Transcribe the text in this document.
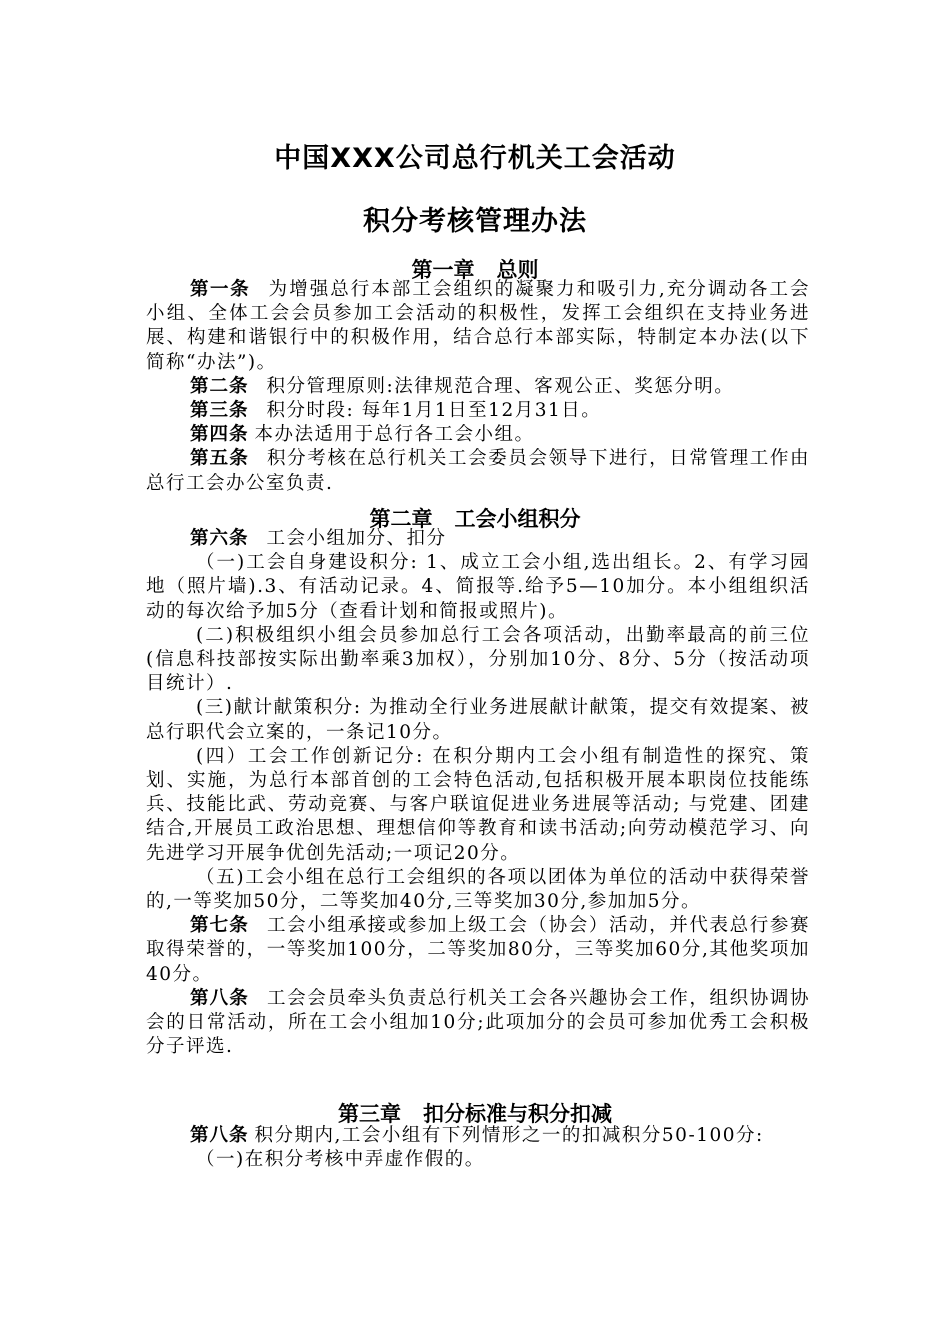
中国XXX公司总行机关工会活动
积分考核管理办法
第一章 总则

第一条 为增强总行本部工会组织的凝聚力和吸引力,充分调动各工会小组、全体工会会员参加工会活动的积极性，发挥工会组织在支持业务进展、构建和谐银行中的积极作用，结合总行本部实际，特制定本办法(以下简称“办法”)。

第二条 积分管理原则:法律规范合理、客观公正、奖惩分明。

第三条 积分时段: 每年1月1日至12月31日。

第四条 本办法适用于总行各工会小组。

第五条 积分考核在总行机关工会委员会领导下进行，日常管理工作由总行工会办公室负责.

第二章 工会小组积分

第六条 工会小组加分、扣分

（一)工会自身建设积分: 1、成立工会小组,选出组长。2、有学习园地（照片墙).3、有活动记录。4、简报等.给予5—10加分。本小组组织活动的每次给予加5分（查看计划和简报或照片)。

(二)积极组织小组会员参加总行工会各项活动，出勤率最高的前三位(信息科技部按实际出勤率乘3加权），分别加10分、8分、5分（按活动项目统计）.

(三)献计献策积分: 为推动全行业务进展献计献策，提交有效提案、被总行职代会立案的，一条记10分。

(四）工会工作创新记分: 在积分期内工会小组有制造性的探究、策划、实施，为总行本部首创的工会特色活动,包括积极开展本职岗位技能练兵、技能比武、劳动竞赛、与客户联谊促进业务进展等活动; 与党建、团建结合,开展员工政治思想、理想信仰等教育和读书活动;向劳动模范学习、向先进学习开展争优创先活动;一项记20分。

（五)工会小组在总行工会组织的各项以团体为单位的活动中获得荣誉的,一等奖加50分，二等奖加40分,三等奖加30分,参加加5分。

第七条 工会小组承接或参加上级工会（协会）活动，并代表总行参赛取得荣誉的，一等奖加100分，二等奖加80分，三等奖加60分,其他奖项加40分。

第八条 工会会员牵头负责总行机关工会各兴趣协会工作，组织协调协会的日常活动，所在工会小组加10分;此项加分的会员可参加优秀工会积极分子评选.

第三章 扣分标准与积分扣减

第八条 积分期内,工会小组有下列情形之一的扣减积分50-100分:

（一)在积分考核中弄虚作假的。
